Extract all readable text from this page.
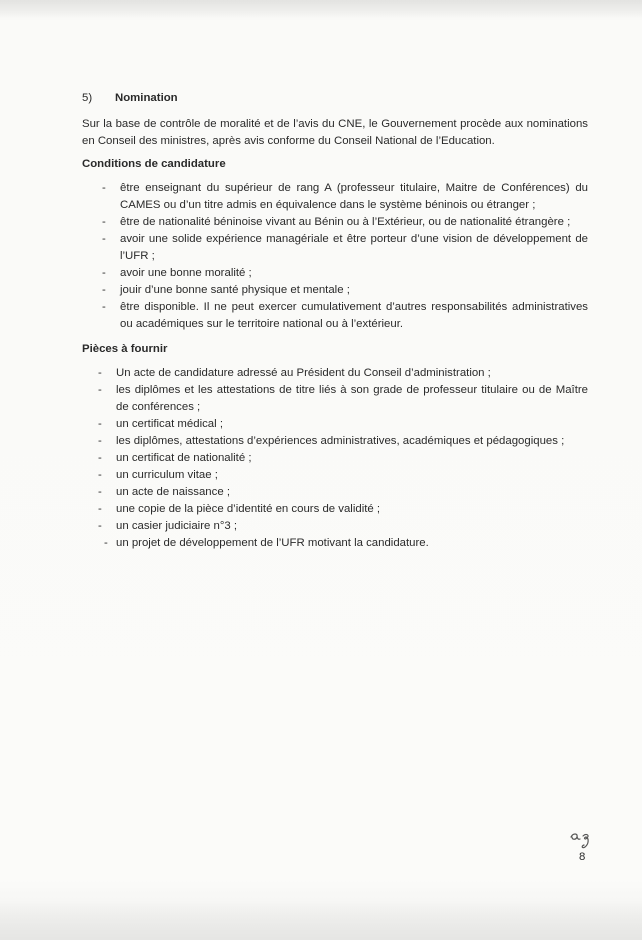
5)	Nomination

Sur la base de contrôle de moralité et de l’avis du CNE, le Gouvernement procède aux nominations en Conseil des ministres, après avis conforme du Conseil National de l’Education.

Conditions de candidature
- être enseignant du supérieur de rang A (professeur titulaire, Maitre de Conférences) du CAMES ou d’un titre admis en équivalence dans le système béninois ou étranger ;
- être de nationalité béninoise vivant au Bénin ou à l’Extérieur, ou de nationalité étrangère ;
- avoir une solide expérience managériale et être porteur d’une vision de développement de l’UFR ;
- avoir une bonne moralité ;
- jouir d’une bonne santé physique et mentale ;
- être disponible. Il ne peut exercer cumulativement d’autres responsabilités administratives ou académiques sur le territoire national ou à l’extérieur.
Pièces à fournir
- Un acte de candidature adressé au Président du Conseil d’administration ;
- les diplômes et les attestations de titre liés à son grade de professeur titulaire ou de Maître de conférences ;
- un certificat médical ;
- les diplômes, attestations d’expériences administratives, académiques et pédagogiques ;
- un certificat de nationalité ;
- un curriculum vitae ;
- un acte de naissance ;
- une copie de la pièce d’identité en cours de validité ;
- un casier judiciaire n°3 ;
- un projet de développement de l’UFR motivant la candidature.
8
